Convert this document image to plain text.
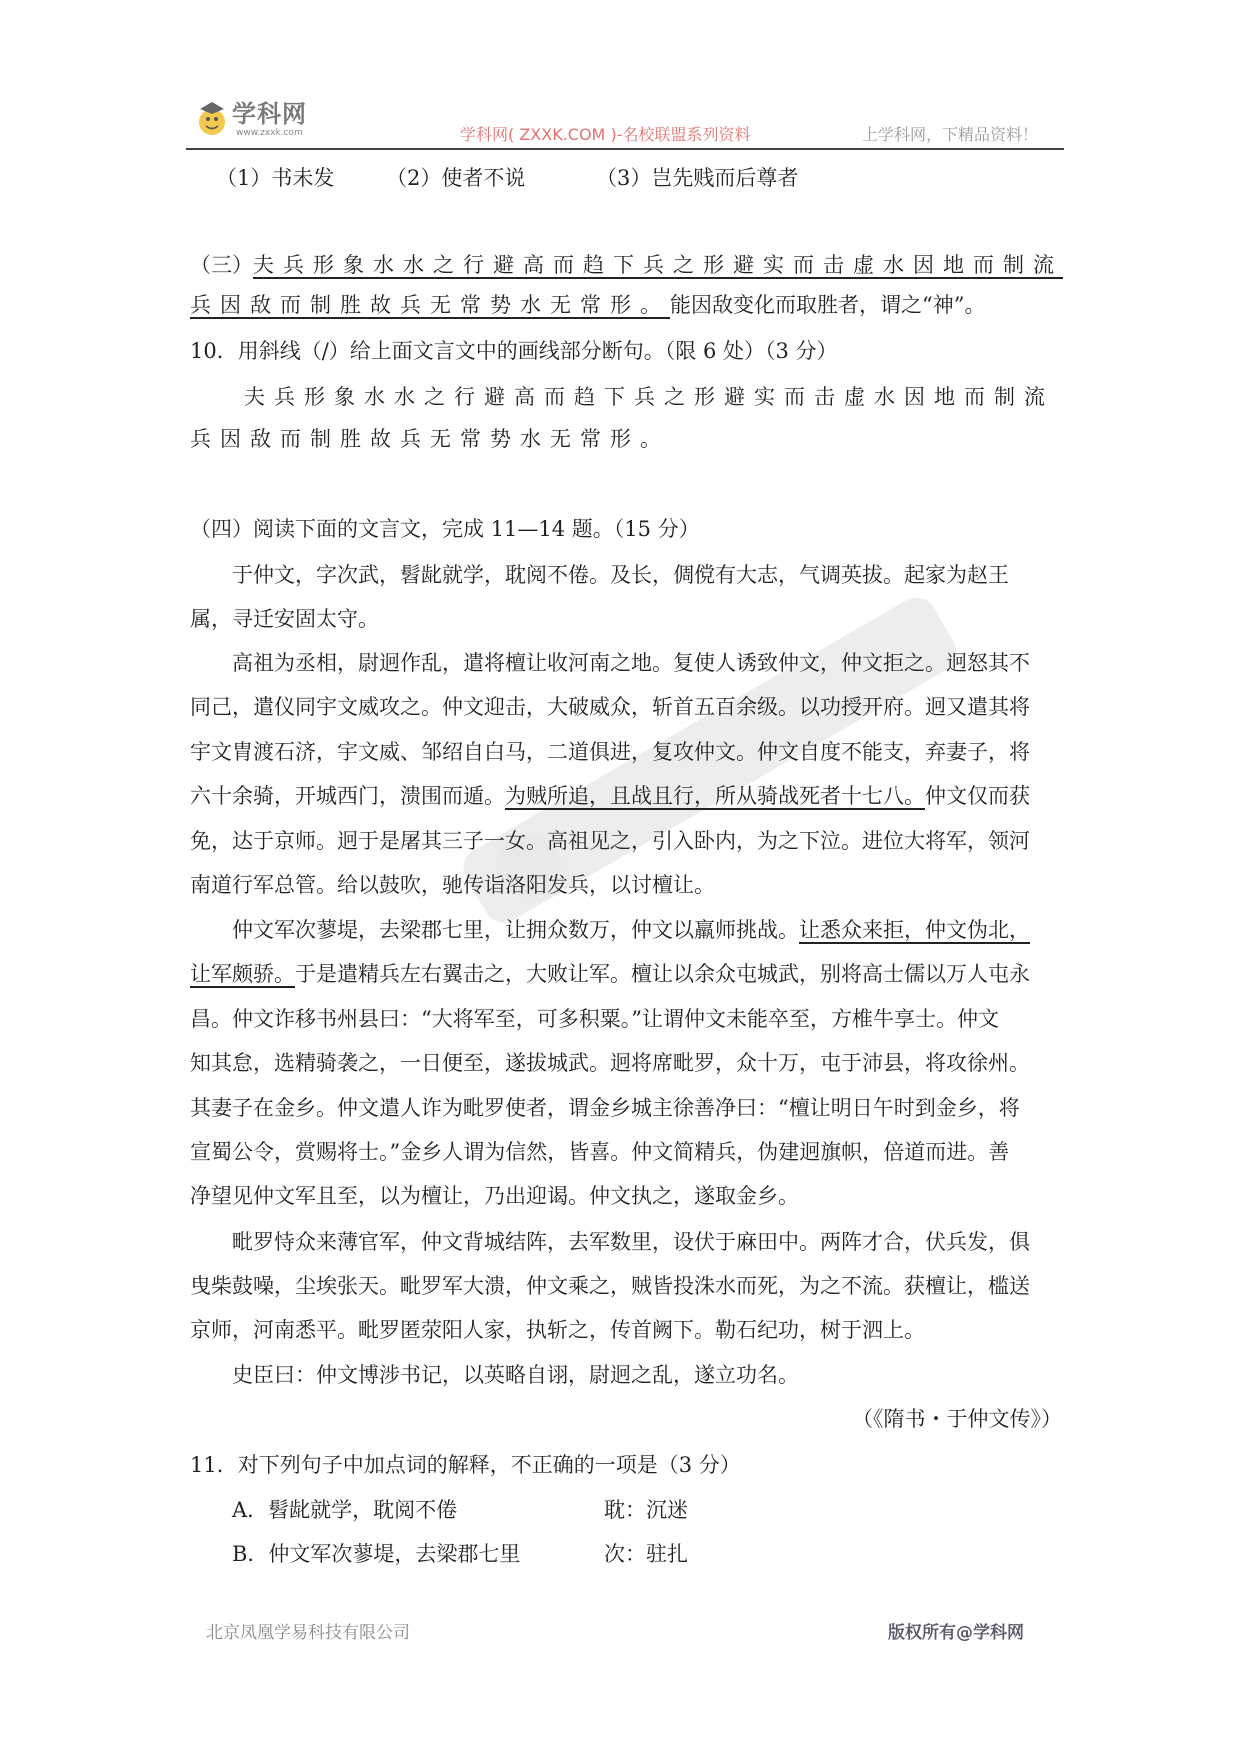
学科网
www.zxxk.com	学科网( ZXXK.COM )-名校联盟系列资料	上学科网，下精品资料！
（1）书未发 （2）使者不说	（3）岂先贱而后尊者
（三）夫兵形象水水之行避高而趋下兵之形避实而击虚水因地而制流
兵因敌而制胜故兵无常势水无常形。能因敌变化而取胜者，谓之“神”。
10．用斜线（/）给上面文言文中的画线部分断句。（限 6 处）（3 分）
夫兵形象水水之行避高而趋下兵之形避实而击虚水因地而制流
兵因敌而制胜故兵无常势水无常形。
（四）阅读下面的文言文，完成 11—14 题。（15 分）
于仲文，字次武，髫龀就学，耽阅不倦。及长，倜傥有大志，气调英拔。起家为赵王
属，寻迁安固太守。
高祖为丞相，尉迥作乱，遣将檀让收河南之地。复使人诱致仲文，仲文拒之。迥怒其不
同己，遣仪同宇文威攻之。仲文迎击，大破威众，斩首五百余级。以功授开府。迥又遣其将
宇文胄渡石济，宇文威、邹绍自白马，二道俱进，复攻仲文。仲文自度不能支，弃妻子，将
六十余骑，开城西门，溃围而遁。为贼所追，且战且行，所从骑战死者十七八。仲文仅而获
免，达于京师。迥于是屠其三子一女。高祖见之，引入卧内，为之下泣。进位大将军，领河
南道行军总管。给以鼓吹，驰传诣洛阳发兵，以讨檀让。
仲文军次蓼堤，去梁郡七里，让拥众数万，仲文以羸师挑战。让悉众来拒，仲文伪北，
让军颇骄。于是遣精兵左右翼击之，大败让军。檀让以余众屯城武，别将高士儒以万人屯永
昌。仲文诈移书州县曰：“大将军至，可多积粟。”让谓仲文未能卒至，方椎牛享士。仲文
知其怠，选精骑袭之，一日便至，遂拔城武。迥将席毗罗，众十万，屯于沛县，将攻徐州。
其妻子在金乡。仲文遣人诈为毗罗使者，谓金乡城主徐善净曰：“檀让明日午时到金乡，将
宣蜀公令，赏赐将士。”金乡人谓为信然，皆喜。仲文简精兵，伪建迥旗帜，倍道而进。善
净望见仲文军且至，以为檀让，乃出迎谒。仲文执之，遂取金乡。
毗罗恃众来薄官军，仲文背城结阵，去军数里，设伏于麻田中。两阵才合，伏兵发，俱
曳柴鼓噪，尘埃张天。毗罗军大溃，仲文乘之，贼皆投洙水而死，为之不流。获檀让，槛送
京师，河南悉平。毗罗匿荥阳人家，执斩之，传首阙下。勒石纪功，树于泗上。
史臣曰：仲文博涉书记，以英略自诩，尉迥之乱，遂立功名。
（《隋书・于仲文传》）
11．对下列句子中加点词的解释，不正确的一项是（3 分）
A．髫龀就学，耽阅不倦	耽：沉迷
B．仲文军次蓼堤，去梁郡七里	次：驻扎
北京凤凰学易科技有限公司	版权所有@学科网
